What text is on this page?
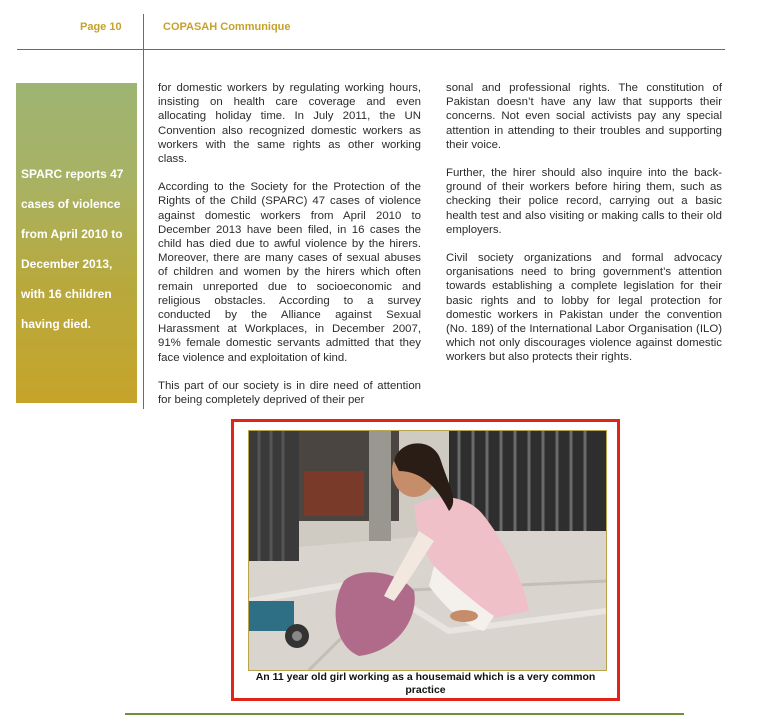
Page 10	COPASAH Communique
SPARC reports 47 cases of violence from April 2010 to December 2013, with 16 children having died.

for domestic workers by regulating working hours, insisting on health care coverage and even allocating holiday time. In July 2011, the UN Convention also recognized domestic workers as workers with the same rights as other working class.

According to the Society for the Protection of the Rights of the Child (SPARC) 47 cases of violence against domestic workers from April 2010 to December 2013 have been filed, in 16 cases the child has died due to awful violence by the hirers. Moreover, there are many cases of sexual abuses of children and women by the hirers which often remain unreported due to socioeconomic and religious obstacles. According to a survey conducted by the Alliance against Sexual Harassment at Workplaces, in December 2007, 91% female domestic servants admitted that they face violence and exploitation of kind.

This part of our society is in dire need of attention for being completely deprived of their per

sonal and professional rights. The constitution of Pakistan doesn’t have any law that supports their concerns. Not even social activists pay any special attention in attending to their troubles and supporting their voice.

Further, the hirer should also inquire into the background of their workers before hiring them, such as checking their police record, carrying out a basic health test and also visiting or making calls to their old employers.

Civil society organizations and formal advocacy organisations need to bring government’s attention towards establishing a complete legislation for their basic rights and to lobby for legal protection for domestic workers in Pakistan under the convention (No. 189) of the International Labor Organisation (ILO) which not only discourages violence against domestic workers but also protects their rights.

An 11 year old girl working as a housemaid which is a very common practice
